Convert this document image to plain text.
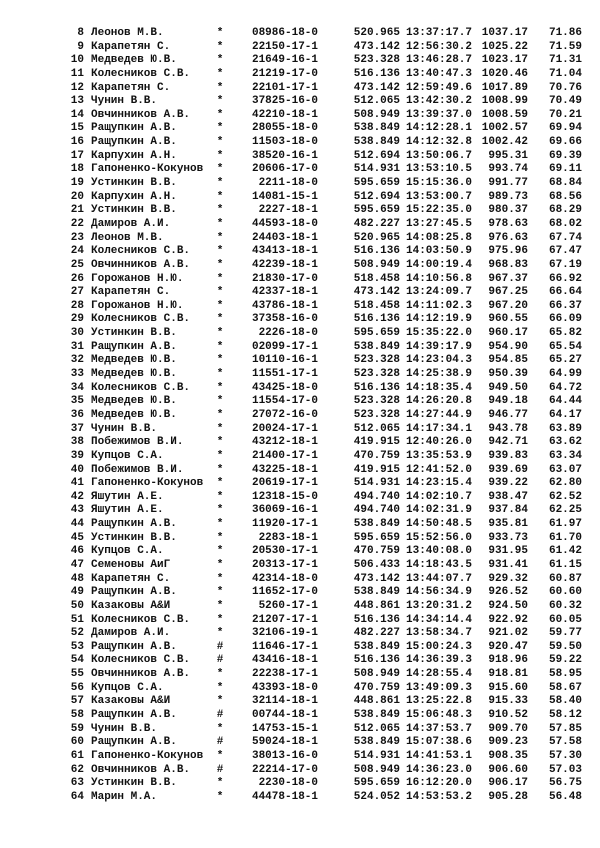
8 Леонов М.В.	*	08986-18-0	520.965 13:37:17.7 1037.17	71.86
9 Карапетян С.	*	22150-17-1	473.142 12:56:30.2 1025.22	71.59
10 Медведев Ю.В.	*	21649-16-1	523.328 13:46:28.7 1023.17	71.31
11 Колесников С.В. *	21219-17-0	516.136 13:40:47.3 1020.46	71.04
12 Карапетян С.	*	22101-17-1	473.142 12:59:49.6 1017.89	70.76
13 Чунин В.В.	*	37825-16-0	512.065 13:42:30.2 1008.99	70.49
14 Овчинников А.В. *	42210-18-1	508.949 13:39:37.0 1008.59	70.21
15 Ращупкин А.В.	*	28055-18-0	538.849 14:12:28.1 1002.57	69.94
16 Ращупкин А.В.	*	11503-18-0	538.849 14:12:32.8 1002.42	69.66
17 Карпухин А.Н.	*	38520-16-1	512.694 13:50:06.7	995.31	69.39
18 Гапоненко-Кокунов *	20606-17-0	514.931 13:53:10.5	993.74	69.11
19 Устинкин В.В.	*	2211-18-0	595.659 15:15:36.0	991.77	68.84
20 Карпухин А.Н.	*	14081-15-1	512.694 13:53:00.7	989.73	68.56
21 Устинкин В.В.	*	2227-18-1	595.659 15:22:35.0	980.37	68.29
22 Дамиров А.И.	*	44593-18-0	482.227 13:27:45.5	978.63	68.02
23 Леонов М.В.	*	24403-18-1	520.965 14:08:25.8	976.63	67.74
24 Колесников С.В. *	43413-18-1	516.136 14:03:50.9	975.96	67.47
25 Овчинников А.В. *	42239-18-1	508.949 14:00:19.4	968.83	67.19
26 Горожанов Н.Ю.	*	21830-17-0	518.458 14:10:56.8	967.37	66.92
27 Карапетян С.	*	42337-18-1	473.142 13:24:09.7	967.25	66.64
28 Горожанов Н.Ю.	*	43786-18-1	518.458 14:11:02.3	967.20	66.37
29 Колесников С.В. *	37358-16-0	516.136 14:12:19.9	960.55	66.09
30 Устинкин В.В.	*	2226-18-0	595.659 15:35:22.0	960.17	65.82
31 Ращупкин А.В.	*	02099-17-1	538.849 14:39:17.9	954.90	65.54
32 Медведев Ю.В.	*	10110-16-1	523.328 14:23:04.3	954.85	65.27
33 Медведев Ю.В.	*	11551-17-1	523.328 14:25:38.9	950.39	64.99
34 Колесников С.В. *	43425-18-0	516.136 14:18:35.4	949.50	64.72
35 Медведев Ю.В.	*	11554-17-0	523.328 14:26:20.8	949.18	64.44
36 Медведев Ю.В.	*	27072-16-0	523.328 14:27:44.9	946.77	64.17
37 Чунин В.В.	*	20024-17-1	512.065 14:17:34.1	943.78	63.89
38 Побежимов В.И.	*	43212-18-1	419.915 12:40:26.0	942.71	63.62
39 Купцов С.А.	*	21400-17-1	470.759 13:35:53.9	939.83	63.34
40 Побежимов В.И.	*	43225-18-1	419.915 12:41:52.0	939.69	63.07
41 Гапоненко-Кокунов *	20619-17-1	514.931 14:23:15.4	939.22	62.80
42 Яшутин А.Е.	*	12318-15-0	494.740 14:02:10.7	938.47	62.52
43 Яшутин А.Е.	*	36069-16-1	494.740 14:02:31.9	937.84	62.25
44 Ращупкин А.В.	*	11920-17-1	538.849 14:50:48.5	935.81	61.97
45 Устинкин В.В.	*	2283-18-1	595.659 15:52:56.0	933.73	61.70
46 Купцов С.А.	*	20530-17-1	470.759 13:40:08.0	931.95	61.42
47 Семеновы АиГ	*	20313-17-1	506.433 14:18:43.5	931.41	61.15
48 Карапетян С.	*	42314-18-0	473.142 13:44:07.7	929.32	60.87
49 Ращупкин А.В.	*	11652-17-0	538.849 14:56:34.9	926.52	60.60
50 Казаковы А&И	*	5260-17-1	448.861 13:20:31.2	924.50	60.32
51 Колесников С.В. *	21207-17-1	516.136 14:34:14.4	922.92	60.05
52 Дамиров А.И.	*	32106-19-1	482.227 13:58:34.7	921.02	59.77
53 Ращупкин А.В.	#	11646-17-1	538.849 15:00:24.3	920.47	59.50
54 Колесников С.В. #	43416-18-1	516.136 14:36:39.3	918.96	59.22
55 Овчинников А.В. *	22238-17-1	508.949 14:28:55.4	918.81	58.95
56 Купцов С.А.	*	43393-18-0	470.759 13:49:09.3	915.60	58.67
57 Казаковы А&И	*	32114-18-1	448.861 13:25:22.8	915.33	58.40
58 Ращупкин А.В.	#	00744-18-1	538.849 15:06:48.3	910.52	58.12
59 Чунин В.В.	*	14753-15-1	512.065 14:37:53.7	909.70	57.85
60 Ращупкин А.В.	#	59024-18-1	538.849 15:07:38.6	909.23	57.58
61 Гапоненко-Кокунов *	38013-16-0	514.931 14:41:53.1	908.35	57.30
62 Овчинников А.В. #	22214-17-0	508.949 14:36:23.0	906.60	57.03
63 Устинкин В.В.	*	2230-18-0	595.659 16:12:20.0	906.17	56.75
64 Марин М.А.	*	44478-18-1	524.052 14:53:53.2	905.28	56.48
